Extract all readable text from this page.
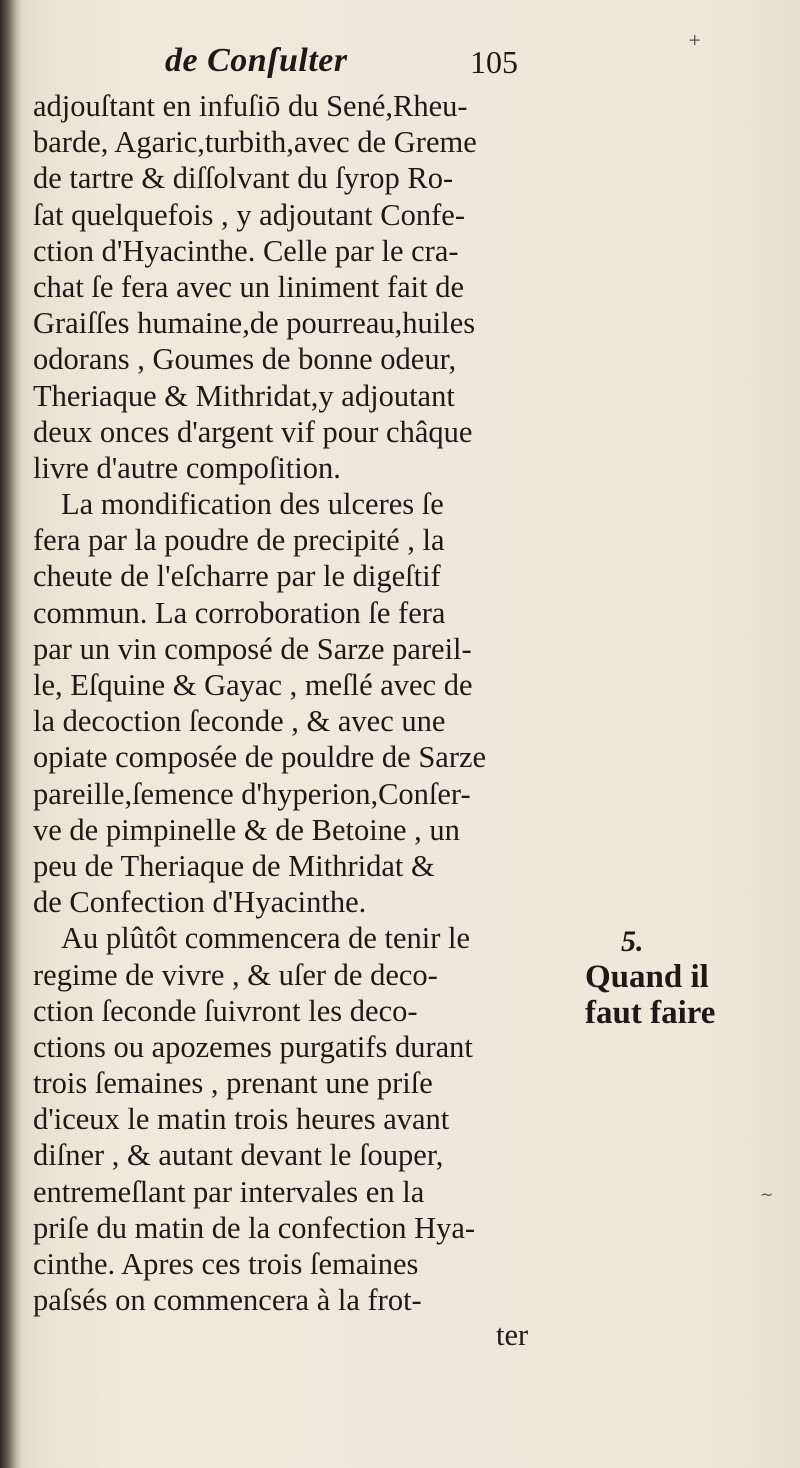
de Conſulter	105
adjouſtant en infuſiō du Sené,Rheu-
barde, Agaric,turbith,avec de Greme
de tartre & diſſolvant du ſyrop Ro-
ſat quelquefois , y adjoutant Confe-
ction d'Hyacinthe. Celle par le cra-
chat ſe fera avec un liniment fait de
Graiſſes humaine,de pourreau,huiles
odorans , Goumes de bonne odeur,
Theriaque & Mithridat,y adjoutant
deux onces d'argent vif pour châque
livre d'autre compoſition.
La mondification des ulceres ſe
fera par la poudre de precipité , la
cheute de l'eſcharre par le digeſtif
commun. La corroboration ſe fera
par un vin composé de Sarze pareil-
le, Eſquine & Gayac , meſlé avec de
la decoction ſeconde , & avec une
opiate composée de pouldre de Sarze
pareille,ſemence d'hyperion,Conſer-
ve de pimpinelle & de Betoine , un
peu de Theriaque de Mithridat &
de Confection d'Hyacinthe.
Au plûtôt commencera de tenir le
regime de vivre , & uſer de deco-
ction ſeconde ſuivront les deco-
ctions ou apozemes purgatifs durant
trois ſemaines , prenant une priſe
d'iceux le matin trois heures avant
diſner , & autant devant le ſouper,
entremeſlant par intervales en la
priſe du matin de la confection Hya-
cinthe. Apres ces trois ſemaines
paſsés on commencera à la frot-
5.
Quand il
faut faire
ter
+
~
